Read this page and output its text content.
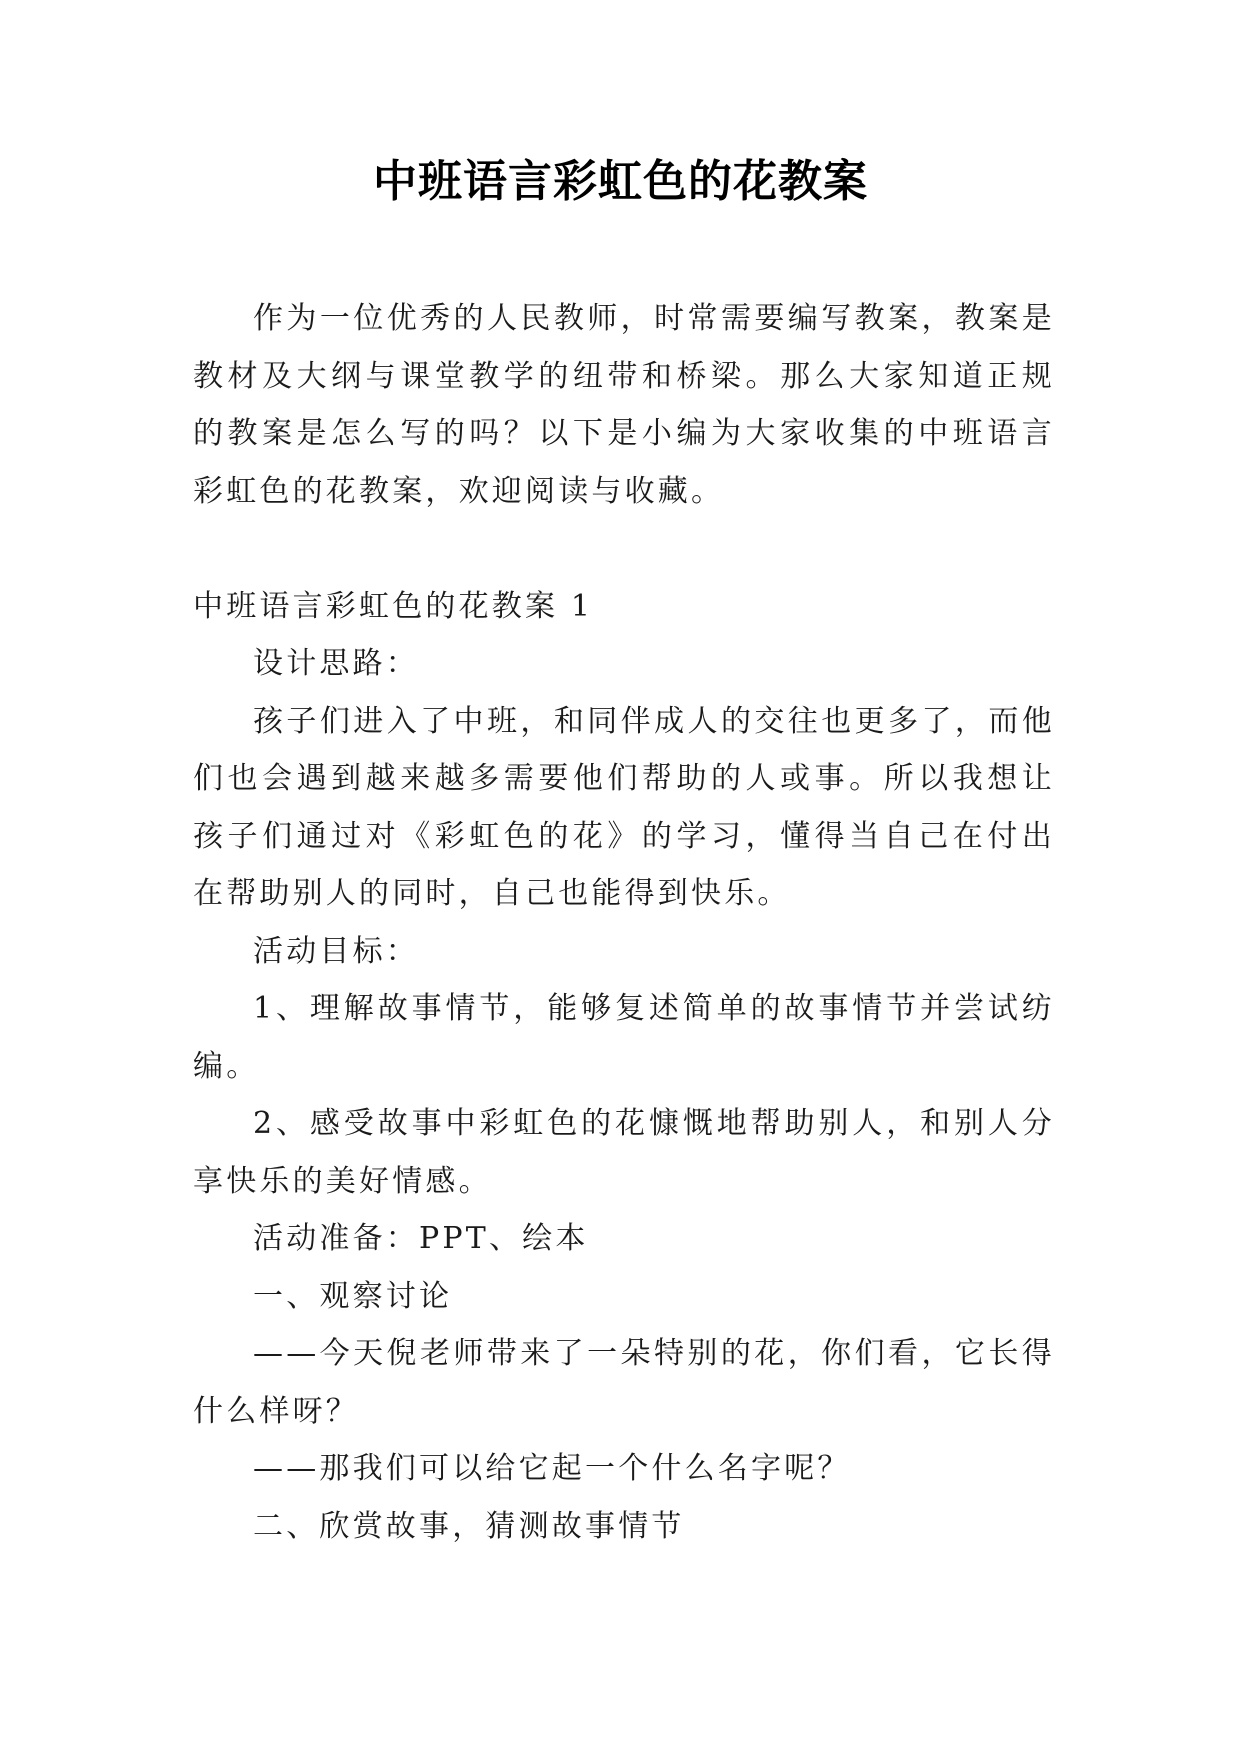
中班语言彩虹色的花教案

作为一位优秀的人民教师，时常需要编写教案，教案是教材及大纲与课堂教学的纽带和桥梁。那么大家知道正规的教案是怎么写的吗？以下是小编为大家收集的中班语言彩虹色的花教案，欢迎阅读与收藏。

中班语言彩虹色的花教案 1

设计思路：

孩子们进入了中班，和同伴成人的交往也更多了，而他们也会遇到越来越多需要他们帮助的人或事。所以我想让孩子们通过对《彩虹色的花》的学习，懂得当自己在付出在帮助别人的同时，自己也能得到快乐。

活动目标：

1、理解故事情节，能够复述简单的故事情节并尝试纺编。

2、感受故事中彩虹色的花慷慨地帮助别人，和别人分享快乐的美好情感。

活动准备：PPT、绘本

一、观察讨论

——今天倪老师带来了一朵特别的花，你们看，它长得什么样呀？

——那我们可以给它起一个什么名字呢？

二、欣赏故事，猜测故事情节
